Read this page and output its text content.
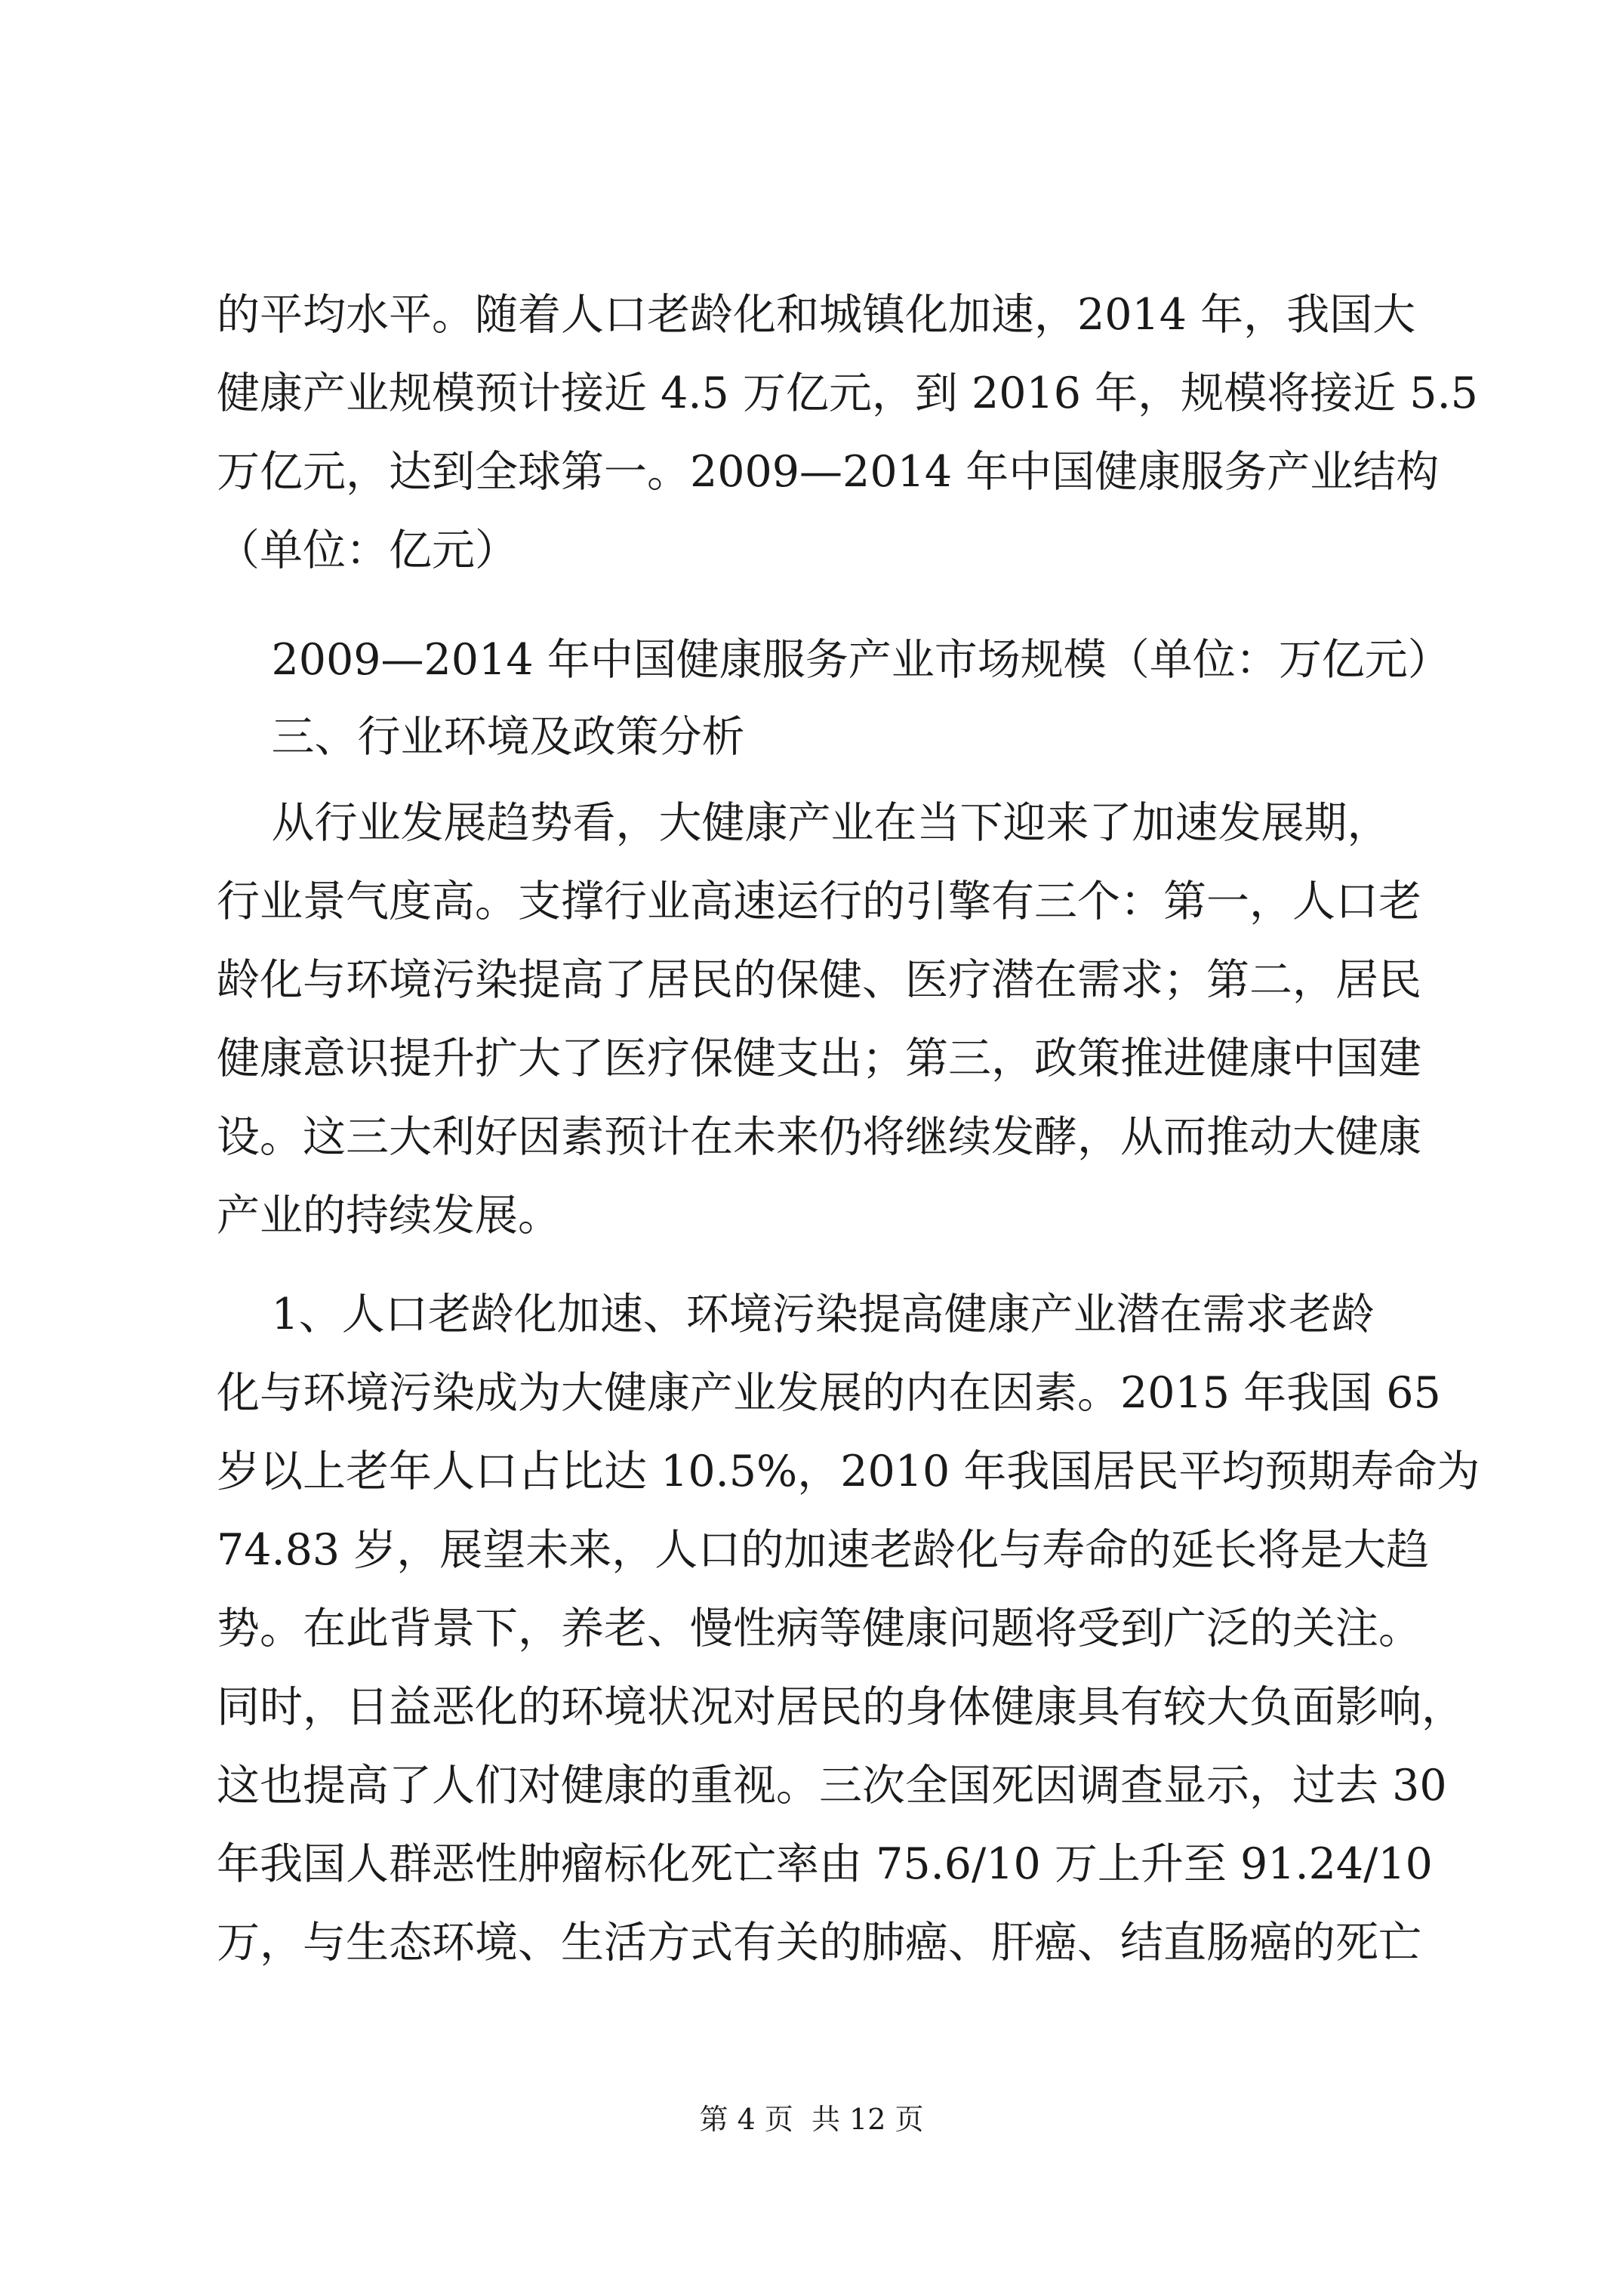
的平均水平。随着人口老龄化和城镇化加速，2014 年，我国大
健康产业规模预计接近 4.5 万亿元，到 2016 年，规模将接近 5.5
万亿元，达到全球第一。2009—2014 年中国健康服务产业结构
（单位：亿元）
2009—2014 年中国健康服务产业市场规模（单位：万亿元）
三、行业环境及政策分析
从行业发展趋势看，大健康产业在当下迎来了加速发展期，
行业景气度高。支撑行业高速运行的引擎有三个：第一，人口老
龄化与环境污染提高了居民的保健、医疗潜在需求；第二，居民
健康意识提升扩大了医疗保健支出；第三，政策推进健康中国建
设。这三大利好因素预计在未来仍将继续发酵，从而推动大健康
产业的持续发展。
1、人口老龄化加速、环境污染提高健康产业潜在需求老龄
化与环境污染成为大健康产业发展的内在因素。2015 年我国 65
岁以上老年人口占比达 10.5%，2010 年我国居民平均预期寿命为
74.83 岁，展望未来，人口的加速老龄化与寿命的延长将是大趋
势。在此背景下，养老、慢性病等健康问题将受到广泛的关注。
同时，日益恶化的环境状况对居民的身体健康具有较大负面影响，
这也提高了人们对健康的重视。三次全国死因调查显示，过去 30
年我国人群恶性肿瘤标化死亡率由 75.6/10 万上升至 91.24/10
万，与生态环境、生活方式有关的肺癌、肝癌、结直肠癌的死亡
第 4 页  共 12 页
